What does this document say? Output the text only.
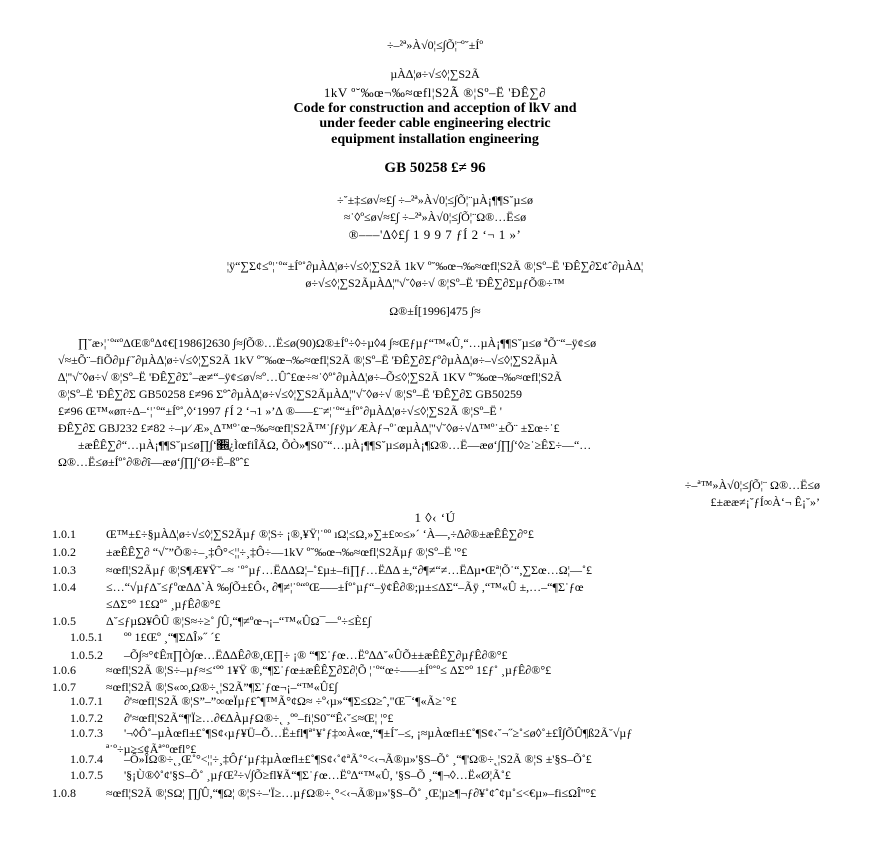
÷–²ª»À√0¦≤∫Õ¦¨º˘±Íº
µÀ∆¦ø÷√≤◊¦∑S2Ã
1kV º˘‰œ¬‰≈œfl¦S2Ã ®¦Sº–Ë 'ÐÊ∑∂
Code for construction and acception of lkV and
under feeder cable engineering electric
equipment installation engineering
GB 50258 £≠ 96
÷˘±‡≤ø√≈£∫ ÷–²ª»À√0¦≤∫Õ¦¨µÀ¡¶¶S˘µ≤ø
≈˙◊º≤ø√≈£∫ ÷–²ª»À√0¦≤∫Õ¦¨Ω®…Ë≤ø
®–––'∆◊£∫ 1 9 9 7 ƒÍ 2 ‘¬ 1 »’
¦ÿ“∑Σ¢≤º¦˙º“±Íº˚∂µÀ∆¦ø÷√≤◊¦∑S2Ã 1kV º˘‰œ¬‰≈œfl¦S2Ã ®¦Sº–Ë 'ÐÊ∑∂Σ¢ˆ∂µÀ∆¦
ø÷√≤◊¦∑S2ÃµÀ∆¦''√˘◊ø÷√ ®¦Sº–Ë 'ÐÊ∑∂ΣµƒÕ®÷™
Ω®±Í[1996]475 ∫≈
∏˘æ›¦˙º“ºΔŒ®ºΔ¢€[1986]2630 ∫≈∫Õ®…Ë≤ø(90)Ω®±Íº÷◊÷µ◊4 ∫≈Œƒµƒ“™«Û,“…µÀ¡¶¶S˘µ≤ø ªÕ¨“–ÿ¢≤ø
√≈±Õ¨–fiÕ∂µƒ˘∂µÀ∆¦ø÷√≤◊¦∑S2Ã 1kV º˘‰œ¬‰≈œfl¦S2Ã ®¦Sº–Ë 'ÐÊ∑∂Σƒº∂µÀ∆¦ø÷–√≤◊¦∑S2ÃµÀ
∆¦''√˘◊ø÷√ ®¦Sº–Ë 'ÐÊ∑∂Σ˚–æ≠“–ÿ¢≤ø√≈º…Ûˆ£œ÷≈˙◊º˚∂µÀ∆¦ø÷–Õ≤◊¦∑S2Ã 1KV º˘‰œ¬‰≈œfl¦S2Ã
®¦Sº–Ë 'ÐÊ∑∂Σ GB50258 £≠96 Σºˆ∂µÀ∆¦ø÷√≤◊¦∑S2ÃµÀ∆¦''√˘◊ø÷√ ®¦Sº–Ë 'ÐÊ∑∂Σ GB50259
£≠96 Œ™«øπ÷∆–‘¦˙º“±Íº˚,◊‘1997 ƒÍ 2 ‘¬1 »’∆ ®–––£¨≠¦˙º“±Íº˚∂µÀ∆¦ø÷√≤◊¦∑S2Ã ®¦Sº–Ë '
ÐÊ∑∂Σ GBJ232 £≠82 ÷–µ⁄ Æ»˛Δ™º˙œ¬‰≈œfl¦S2Ã™˙∫ƒÿµ⁄ ÆÀƒ¬º˙œµÀ∆¦''√˘◊ø÷√Δ™º˙±Õ¨ ±Σœ÷˙£
±æÊÊ∑∂“…µÀ¡¶¶S˘µ≤ø∏∫‘𒠖¿ÌœfiÎÃΩ, ÕÒ»¶S0˘“…µÀ¡¶¶S˘µ≤øµÀ¡¶Ω®…Ë––æø‘∫∏∫‘◊≥˙≥ÊΣ÷––“…
Ω®…Ë≤ø±Íº˚∂®∂î––æø‘∫∏∫‘Ø÷Ë–ßºˆ£
÷–ª™»À√0¦≤∫Õ¦¨ Ω®…Ë≤ø
£±ææ≠¡˘ƒÍ∞À‘¬ Ê¡˘»’
1 ◊‹ ‘Ú
1.0.1	Œ™±£÷§µÀ∆¦ø÷√≤◊¦∑S2Ãµƒ ®¦S÷ ¡®,¥Ÿ¦˙ºº ıΩ¦≤Ω,»∑±£∞≤»´ ‘À––,÷∆∂®±æÊÊ∑∂°£
1.0.2	±æÊÊ∑∂ “√˘”Õ®÷–¸‡Ô°<¦¦÷¸‡Ô÷––1kV º˘‰œ¬‰≈œfl¦S2Ãµƒ ®¦Sº–Ë '°£
1.0.3	≈œfl¦S2Ãµƒ ®¦S¶Æ¥Ÿ˘–≈ ˙º˚µƒ…Ë∆ΔΩ¦–˚£µ±–fi∏ƒ…Ë∆Δ ±,“∂¶≠“≠…Ë∆µ•Œª¦Õ˙“,∑Σœ…Ω¦––˚£
1.0.4	≤…“√µƒΔ˘≤ƒºœ∆Δ`À ‰∫Õ±£Ô‹, ∂¶≠¦˙º“ºŒ–––±Íº˚µƒ“–ÿ¢Ê∂®;µ±≤ΔΣ“–Ãÿ ,“™«Û ±,…–“¶Σ˙ƒœ
≤ΔΣ°º 1£Ωº˚ ¸µƒÊ∂®°£
1.0.5	Δ˘≤ƒµΩ¥ÔÛ ®¦S≈÷≥˚ ∫Û,“¶≠ºœ¬¡–“™«ÛΩ¯––º÷≤È£∫
1.0.5.1 ºº 1£Œº ¸“¶ΣΔÎ»˝ ´£
1.0.5.2 –Õ∫≈°¢Êπ∏Ò∫œ…Ë∆ΔÊ∂®,Œ∏÷ ¡® “¶Σ˙ƒœ…Ëº∆Δ˘«ÛÕ±±æÊÊ∑∂µƒÊ∂®°£
1.0.6	≈œfl¦S2Ã ®¦S÷–µƒ≈≤‘ºº 1¥Ÿ ®,“¶Σ˙ƒœ±æÊÊ∑∂Σ∂¦Õ ¦˙º“œ÷–––±Íº˚º≤ ΔΣ°º 1£ƒ˚ ¸µƒÊ∂®°£
1.0.7	≈œfl¦S2Ã ®¦S«∞,Ω®÷˛¦S2Ã”¶Σ˙ƒœ¬¡–“™«Û£∫
1.0.7.1 ∂'≈œfl¦S2Ã ®¦S”–”∞œÏµƒ£ˆ¶™Ã°¢Ω≈ ÷º‹µ»“¶Σ≤Ω≥ˆ,"Œ¯‘¶«Ã≥˙°£
1.0.7.2 ∂'≈œfl¦S2Ã“¶'Ï≥…∂€∆ÀµƒΩ®÷˛ ¸ºº–fi¦S0˘“Ê‹˘≤≈Œ¦ ¦°£
1.0.7.3 '¬◊Ô˚–µÀœfl±£˚¶S¢‹µƒ¥Ü–Õ…Ë±fl¶ª˚¥˚ƒ‡∞À«œ,“¶±Í˘–≤, ¡≈µÀœfl±£˚¶S¢‹˘¬˝≥˚≤ø◊˚±£Î∫ÕÛ¶ß2Ã˘√µƒ
ª˙º÷µ≥≤¢Ãª˚ºœfl°£
1.0.7.4 –Ô»ÎΩ®÷˛¸Œ˚°<¦¦÷¸‡Ôƒ‘µƒ‡µÀœfl±£˚¶S¢‹˚¢ªÃ˚°<‹¬Ã®µ»'§S–Õ˚ ¸“¶'Ω®÷˛¦S2Ã ®¦S ±'§S–Õ˚£
1.0.7.5 '§¡Ù®◊˚¢'§S–Õ˚ ¸µƒŒ²÷√∫Õ≥fl¥Ã“¶Σ˙ƒœ…Ëº∆“™«Û, '§S–Õ ¸“¶¬◊…Ë«Ø¦Ã˚£
1.0.8	≈œfl¦S2Ã ®¦SΩ¦ ∏∫Û,“¶Ω¦ ®¦S÷–'Ï≥…µƒΩ®÷˛°<‹¬Ã®µ»'§S–Õ˚ ¸Œ¦µ≥¶¬ƒ∂¥˚¢ˆ¢µ˚≤<€µ»–fi≤ΩÎ''°£
